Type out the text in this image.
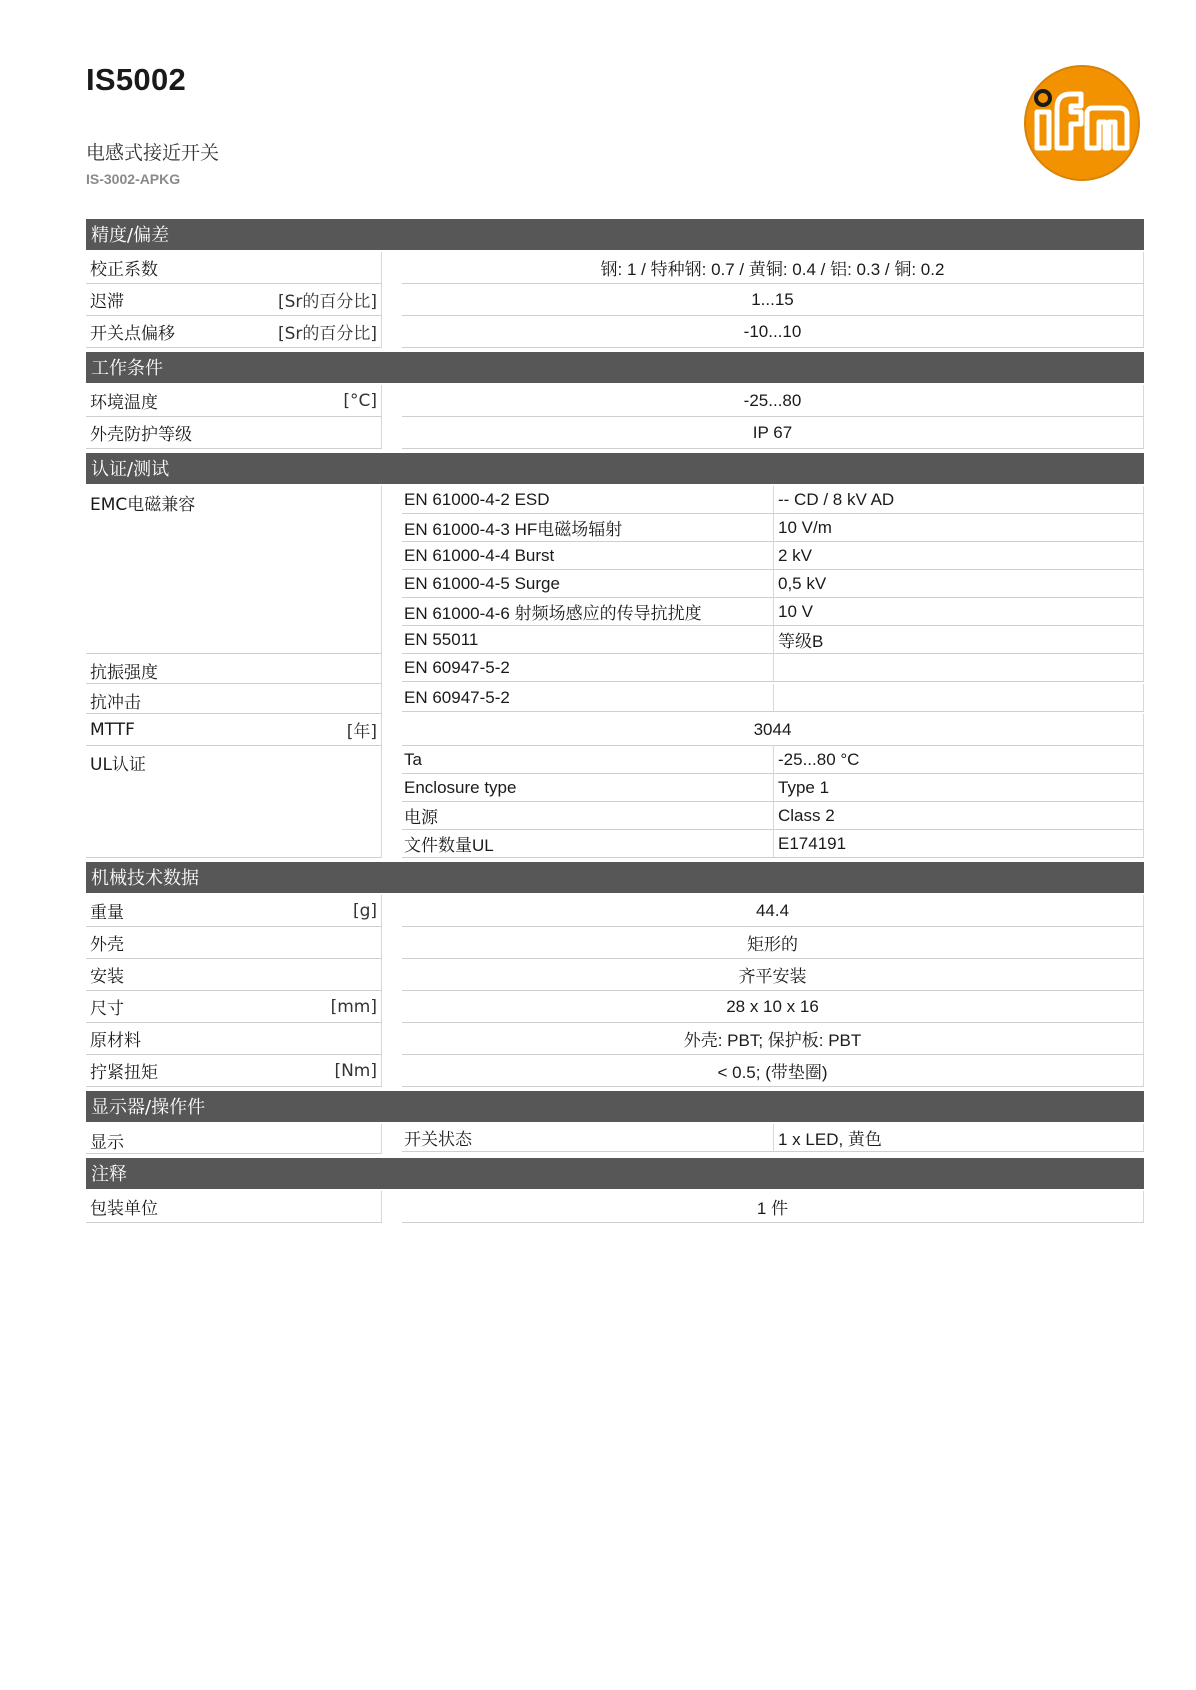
IS5002
电感式接近开关
IS-3002-APKG
精度/偏差
校正系数	钢: 1 / 特种钢: 0.7 / 黄铜: 0.4 / 铝: 0.3 / 铜: 0.2
迟滞	[Sr的百分比]	1...15
开关点偏移	[Sr的百分比]	-10...10
工作条件
环境温度	[°C]	-25...80
外壳防护等级	IP 67
认证/测试
EMC电磁兼容	EN 61000-4-2 ESD	-- CD / 8 kV AD
EN 61000-4-3 HF电磁场辐射	10 V/m
EN 61000-4-4 Burst	2 kV
EN 61000-4-5 Surge	0,5 kV
EN 61000-4-6 射频场感应的传导抗扰度	10 V
EN 55011	等级B
抗振强度	EN 60947-5-2
抗冲击	EN 60947-5-2
MTTF	[年]	3044
UL认证	Ta	-25...80 °C
Enclosure type	Type 1
电源	Class 2
文件数量UL	E174191
机械技术数据
重量	[g]	44.4
外壳	矩形的
安装	齐平安装
尺寸	[mm]	28 x 10 x 16
原材料	外壳: PBT; 保护板: PBT
拧紧扭矩	[Nm]	< 0.5; (带垫圈)
显示器/操作件
显示	开关状态	1 x LED, 黄色
注释
包装单位	1 件
